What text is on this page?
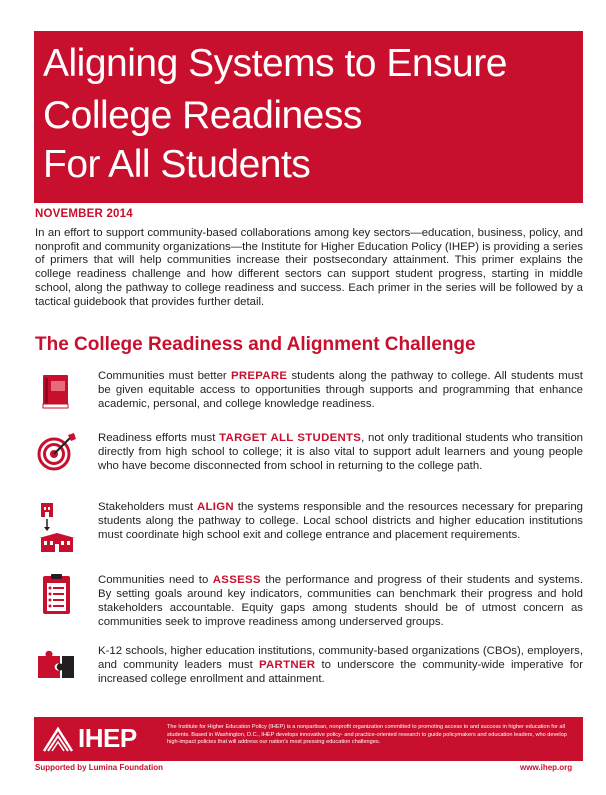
Aligning Systems to Ensure
College Readiness
For All Students
NOVEMBER 2014
In an effort to support community-based collaborations among key sectors—education, business, policy, and nonprofit and community organizations—the Institute for Higher Education Policy (IHEP) is providing a series of primers that will help communities increase their postsecondary attainment. This primer explains the college readiness challenge and how different sectors can support student progress, starting in middle school, along the pathway to college readiness and success. Each primer in the series will be followed by a tactical guidebook that provides further detail.
The College Readiness and Alignment Challenge
Communities must better PREPARE students along the pathway to college. All students must be given equitable access to opportunities through supports and programming that enhance academic, personal, and college knowledge readiness.
Readiness efforts must TARGET ALL STUDENTS, not only traditional students who transition directly from high school to college; it is also vital to support adult learners and young people who have become disconnected from school in returning to the college path.
Stakeholders must ALIGN the systems responsible and the resources necessary for preparing students along the pathway to college. Local school districts and higher education institutions must coordinate high school exit and college entrance and placement requirements.
Communities need to ASSESS the performance and progress of their students and systems. By setting goals around key indicators, communities can benchmark their progress and hold stakeholders accountable. Equity gaps among students should be of utmost concern as communities seek to improve readiness among underserved groups.
K-12 schools, higher education institutions, community-based organizations (CBOs), employers, and community leaders must PARTNER to underscore the community-wide imperative for increased college enrollment and attainment.
IHEP	The Institute for Higher Education Policy (IHEP) is a nonpartisan, nonprofit organization committed to promoting access to and success in higher education for all students. Based in Washington, D.C., IHEP develops innovative policy- and practice-oriented research to guide policymakers and education leaders, who develop high-impact policies that will address our nation’s most pressing education challenges.
Supported by Lumina Foundation	www.ihep.org
